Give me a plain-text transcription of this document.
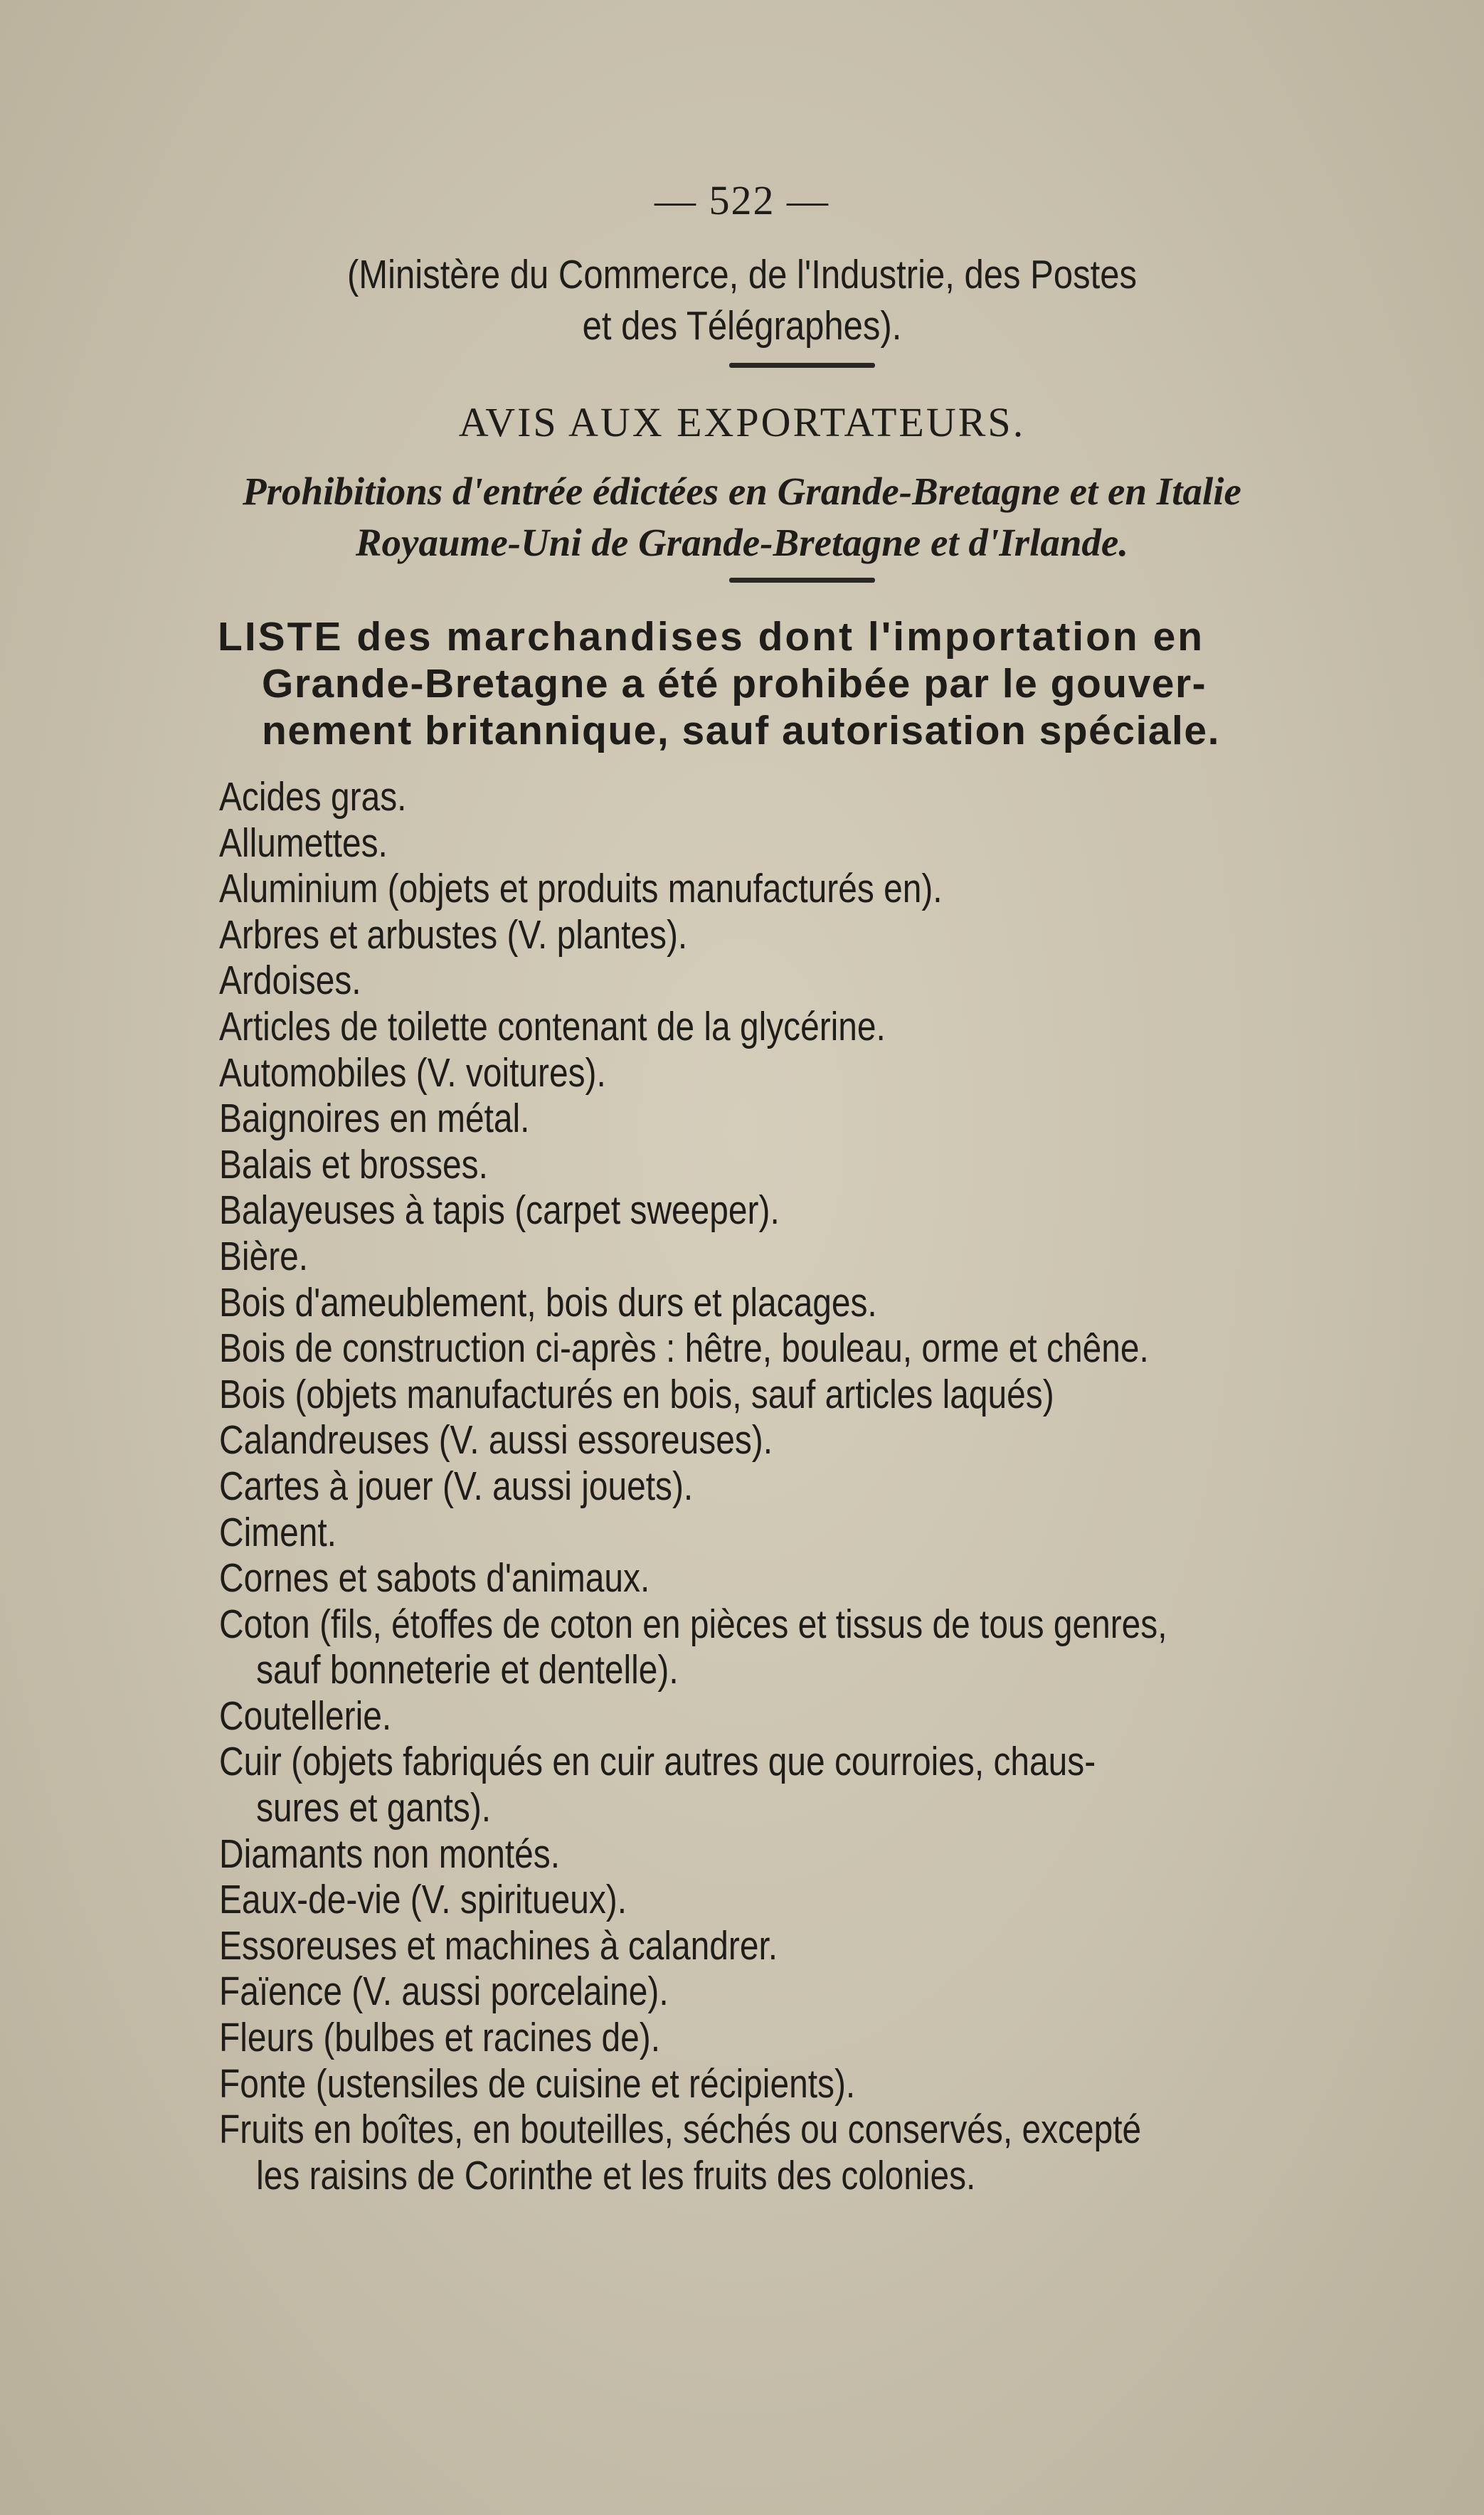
— 522 —
(Ministère du Commerce, de l'Industrie, des Postes
et des Télégraphes).
AVIS AUX EXPORTATEURS.
Prohibitions d'entrée édictées en Grande-Bretagne et en Italie
Royaume-Uni de Grande-Bretagne et d'Irlande.
LISTE des marchandises dont l'importation en
Grande-Bretagne a été prohibée par le gouver-
nement britannique, sauf autorisation spéciale.
Acides gras.
Allumettes.
Aluminium (objets et produits manufacturés en).
Arbres et arbustes (V. plantes).
Ardoises.
Articles de toilette contenant de la glycérine.
Automobiles (V. voitures).
Baignoires en métal.
Balais et brosses.
Balayeuses à tapis (carpet sweeper).
Bière.
Bois d'ameublement, bois durs et placages.
Bois de construction ci-après : hêtre, bouleau, orme et chêne.
Bois (objets manufacturés en bois, sauf articles laqués)
Calandreuses (V. aussi essoreuses).
Cartes à jouer (V. aussi jouets).
Ciment.
Cornes et sabots d'animaux.
Coton (fils, étoffes de coton en pièces et tissus de tous genres,
sauf bonneterie et dentelle).
Coutellerie.
Cuir (objets fabriqués en cuir autres que courroies, chaus-
sures et gants).
Diamants non montés.
Eaux-de-vie (V. spiritueux).
Essoreuses et machines à calandrer.
Faïence (V. aussi porcelaine).
Fleurs (bulbes et racines de).
Fonte (ustensiles de cuisine et récipients).
Fruits en boîtes, en bouteilles, séchés ou conservés, excepté
les raisins de Corinthe et les fruits des colonies.
